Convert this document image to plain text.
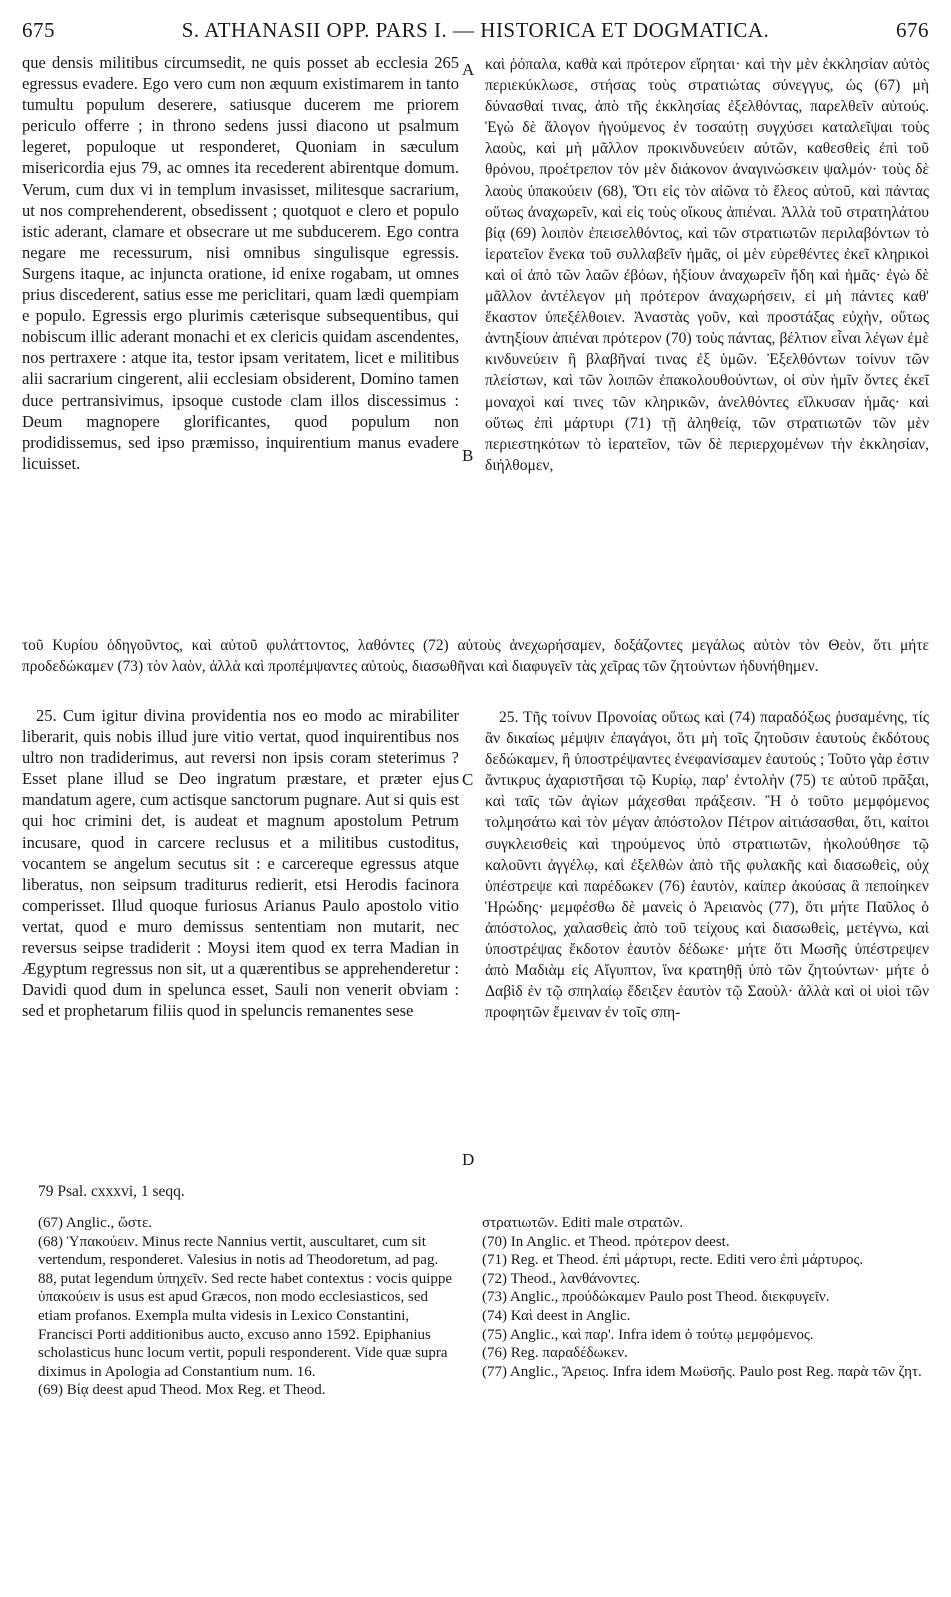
675	S. ATHANASII OPP. PARS I. — HISTORICA ET DOGMATICA.	676

que densis militibus circumsedit, ne quis posset ab ecclesia 265 egressus evadere. Ego vero cum non æquum existimarem in tanto tumultu populum deserere, satiusque ducerem me priorem periculo offerre ; in throno sedens jussi diacono ut psalmum legeret, populoque ut responderet, Quoniam in sæculum misericordia ejus 79, ac omnes ita recederent abirentque domum. Verum, cum dux vi in templum invasisset, militesque sacrarium, ut nos comprehenderent, obsedissent ; quotquot e clero et populo istic aderant, clamare et obsecrare ut me subducerem. Ego contra negare me recessurum, nisi omnibus singulisque egressis. Surgens itaque, ac injuncta oratione, id enixe rogabam, ut omnes prius discederent, satius esse me periclitari, quam lædi quempiam e populo. Egressis ergo plurimis cæterisque subsequentibus, qui nobiscum illic aderant monachi et ex clericis quidam ascendentes, nos pertraxere : atque ita, testor ipsam veritatem, licet e militibus alii sacrarium cingerent, alii ecclesiam obsiderent, Domino tamen duce pertransivimus, ipsoque custode clam illos discessimus : Deum magnopere glorificantes, quod populum non prodidissemus, sed ipso præmisso, inquirentium manus evadere licuisset.

καὶ ῥόπαλα, καθὰ καὶ πρότερον εἴρηται· καὶ τὴν μὲν ἐκκλησίαν αὐτὸς περιεκύκλωσε, στήσας τοὺς στρατιώτας σύνεγγυς, ὡς (67) μὴ δύνασθαί τινας, ἀπὸ τῆς ἐκκλησίας ἐξελθόντας, παρελθεῖν αὐτούς. Ἐγὼ δὲ ἄλογον ἡγούμενος ἐν τοσαύτῃ συγχύσει καταλεῖψαι τοὺς λαοὺς, καὶ μὴ μᾶλλον προκινδυνεύειν αὐτῶν, καθεσθεὶς ἐπὶ τοῦ θρόνου, προέτρεπον τὸν μὲν διάκονον ἀναγινώσκειν ψαλμόν· τοὺς δὲ λαοὺς ὑπακούειν (68), Ὅτι εἰς τὸν αἰῶνα τὸ ἔλεος αὐτοῦ, καὶ πάντας οὕτως ἀναχωρεῖν, καὶ εἰς τοὺς οἴκους ἀπιέναι. Ἀλλὰ τοῦ στρατηλάτου βίᾳ (69) λοιπὸν ἐπεισελθόντος, καὶ τῶν στρατιωτῶν περιλαβόντων τὸ ἱερατεῖον ἕνεκα τοῦ συλλαβεῖν ἡμᾶς, οἱ μὲν εὑρεθέντες ἐκεῖ κληρικοὶ καὶ οἱ ἀπὸ τῶν λαῶν ἐβόων, ἠξίουν ἀναχωρεῖν ἤδη καὶ ἡμᾶς· ἐγὼ δὲ μᾶλλον ἀντέλεγον μὴ πρότερον ἀναχωρήσειν, εἰ μὴ πάντες καθ' ἕκαστον ὑπεξέλθοιεν. Ἀναστὰς γοῦν, καὶ προστάξας εὐχὴν, οὕτως ἀντηξίουν ἀπιέναι πρότερον (70) τοὺς πάντας, βέλτιον εἶναι λέγων ἐμὲ κινδυνεύειν ἢ βλαβῆναί τινας ἐξ ὑμῶν. Ἐξελθόντων τοίνυν τῶν πλείστων, καὶ τῶν λοιπῶν ἐπακολουθούντων, οἱ σὺν ἡμῖν ὄντες ἐκεῖ μοναχοὶ καί τινες τῶν κληρικῶν, ἀνελθόντες εἵλκυσαν ἡμᾶς· καὶ οὕτως ἐπὶ μάρτυρι (71) τῇ ἀληθείᾳ, τῶν στρατιωτῶν τῶν μὲν περιεστηκότων τὸ ἱερατεῖον, τῶν δὲ περιερχομένων τὴν ἐκκλησίαν, διήλθομεν,

A
B
C
D

τοῦ Κυρίου ὁδηγοῦντος, καὶ αὐτοῦ φυλάττοντος, λαθόντες (72) αὐτοὺς ἀνεχωρήσαμεν, δοξάζοντες μεγάλως αὐτὸν τὸν Θεὸν, ὅτι μήτε προδεδώκαμεν (73) τὸν λαὸν, ἀλλὰ καὶ προπέμψαντες αὐτοὺς, διασωθῆναι καὶ διαφυγεῖν τὰς χεῖρας τῶν ζητούντων ἠδυνήθημεν.

25. Cum igitur divina providentia nos eo modo ac mirabiliter liberarit, quis nobis illud jure vitio vertat, quod inquirentibus nos ultro non tradiderimus, aut reversi non ipsis coram steterimus ? Esset plane illud se Deo ingratum præstare, et præter ejus mandatum agere, cum actisque sanctorum pugnare. Aut si quis est qui hoc crimini det, is audeat et magnum apostolum Petrum incusare, quod in carcere reclusus et a militibus custoditus, vocantem se angelum secutus sit : e carcereque egressus atque liberatus, non seipsum traditurus redierit, etsi Herodis facinora comperisset. Illud quoque furiosus Arianus Paulo apostolo vitio vertat, quod e muro demissus sententiam non mutarit, nec reversus seipse tradiderit : Moysi item quod ex terra Madian in Ægyptum regressus non sit, ut a quærentibus se apprehenderetur : Davidi quod dum in spelunca esset, Sauli non venerit obviam : sed et prophetarum filiis quod in speluncis remanentes sese

25. Τῆς τοίνυν Προνοίας οὕτως καὶ (74) παραδόξως ῥυσαμένης, τίς ἂν δικαίως μέμψιν ἐπαγάγοι, ὅτι μὴ τοῖς ζητοῦσιν ἑαυτοὺς ἐκδότους δεδώκαμεν, ἢ ὑποστρέψαντες ἐνεφανίσαμεν ἑαυτούς ; Τοῦτο γὰρ ἐστιν ἄντικρυς ἀχαριστῆσαι τῷ Κυρίῳ, παρ' ἐντολὴν (75) τε αὐτοῦ πρᾶξαι, καὶ ταῖς τῶν ἁγίων μάχεσθαι πράξεσιν. Ἢ ὁ τοῦτο μεμφόμενος τολμησάτω καὶ τὸν μέγαν ἀπόστολον Πέτρον αἰτιάσασθαι, ὅτι, καίτοι συγκλεισθεὶς καὶ τηρούμενος ὑπὸ στρατιωτῶν, ἠκολούθησε τῷ καλοῦντι ἀγγέλῳ, καὶ ἐξελθὼν ἀπὸ τῆς φυλακῆς καὶ διασωθεὶς, οὐχ ὑπέστρεψε καὶ παρέδωκεν (76) ἑαυτὸν, καίπερ ἀκούσας ἃ πεποίηκεν Ἡρώδης· μεμφέσθω δὲ μανεὶς ὁ Ἀρειανὸς (77), ὅτι μήτε Παῦλος ὁ ἀπόστολος, χαλασθεὶς ἀπὸ τοῦ τείχους καὶ διασωθεὶς, μετέγνω, καὶ ὑποστρέψας ἔκδοτον ἑαυτὸν δέδωκε· μήτε ὅτι Μωσῆς ὑπέστρεψεν ἀπὸ Μαδιὰμ εἰς Αἴγυπτον, ἵνα κρατηθῇ ὑπὸ τῶν ζητούντων· μήτε ὁ Δαβὶδ ἐν τῷ σπηλαίῳ ἔδειξεν ἑαυτὸν τῷ Σαοὺλ· ἀλλὰ καὶ οἱ υἱοὶ τῶν προφητῶν ἔμειναν ἐν τοῖς σπη-

79 Psal. cxxxvi, 1 seqq.

(67) Anglic., ὥστε.

(68) Ὑπακούειν. Minus recte Nannius vertit, auscultaret, cum sit vertendum, responderet. Valesius in notis ad Theodoretum, ad pag. 88, putat legendum ὑπηχεῖν. Sed recte habet contextus : vocis quippe ὑπακούειν is usus est apud Græcos, non modo ecclesiasticos, sed etiam profanos. Exempla multa videsis in Lexico Constantini, Francisci Porti additionibus aucto, excuso anno 1592. Epiphanius scholasticus hunc locum vertit, populi responderent. Vide quæ supra diximus in Apologia ad Constantium num. 16.

(69) Βίᾳ deest apud Theod. Mox Reg. et Theod.

στρατιωτῶν. Editi male στρατῶν.

(70) In Anglic. et Theod. πρότερον deest.

(71) Reg. et Theod. ἐπὶ μάρτυρι, recte. Editi vero ἐπὶ μάρτυρος.

(72) Theod., λανθάνοντες.

(73) Anglic., προύδώκαμεν Paulo post Theod. διεκφυγεῖν.

(74) Καὶ deest in Anglic.

(75) Anglic., καὶ παρ'. Infra idem ὁ τούτῳ μεμφόμενος.

(76) Reg. παραδέδωκεν.

(77) Anglic., Ἄρειος. Infra idem Μωϋσῆς. Paulo post Reg. παρὰ τῶν ζητ.
